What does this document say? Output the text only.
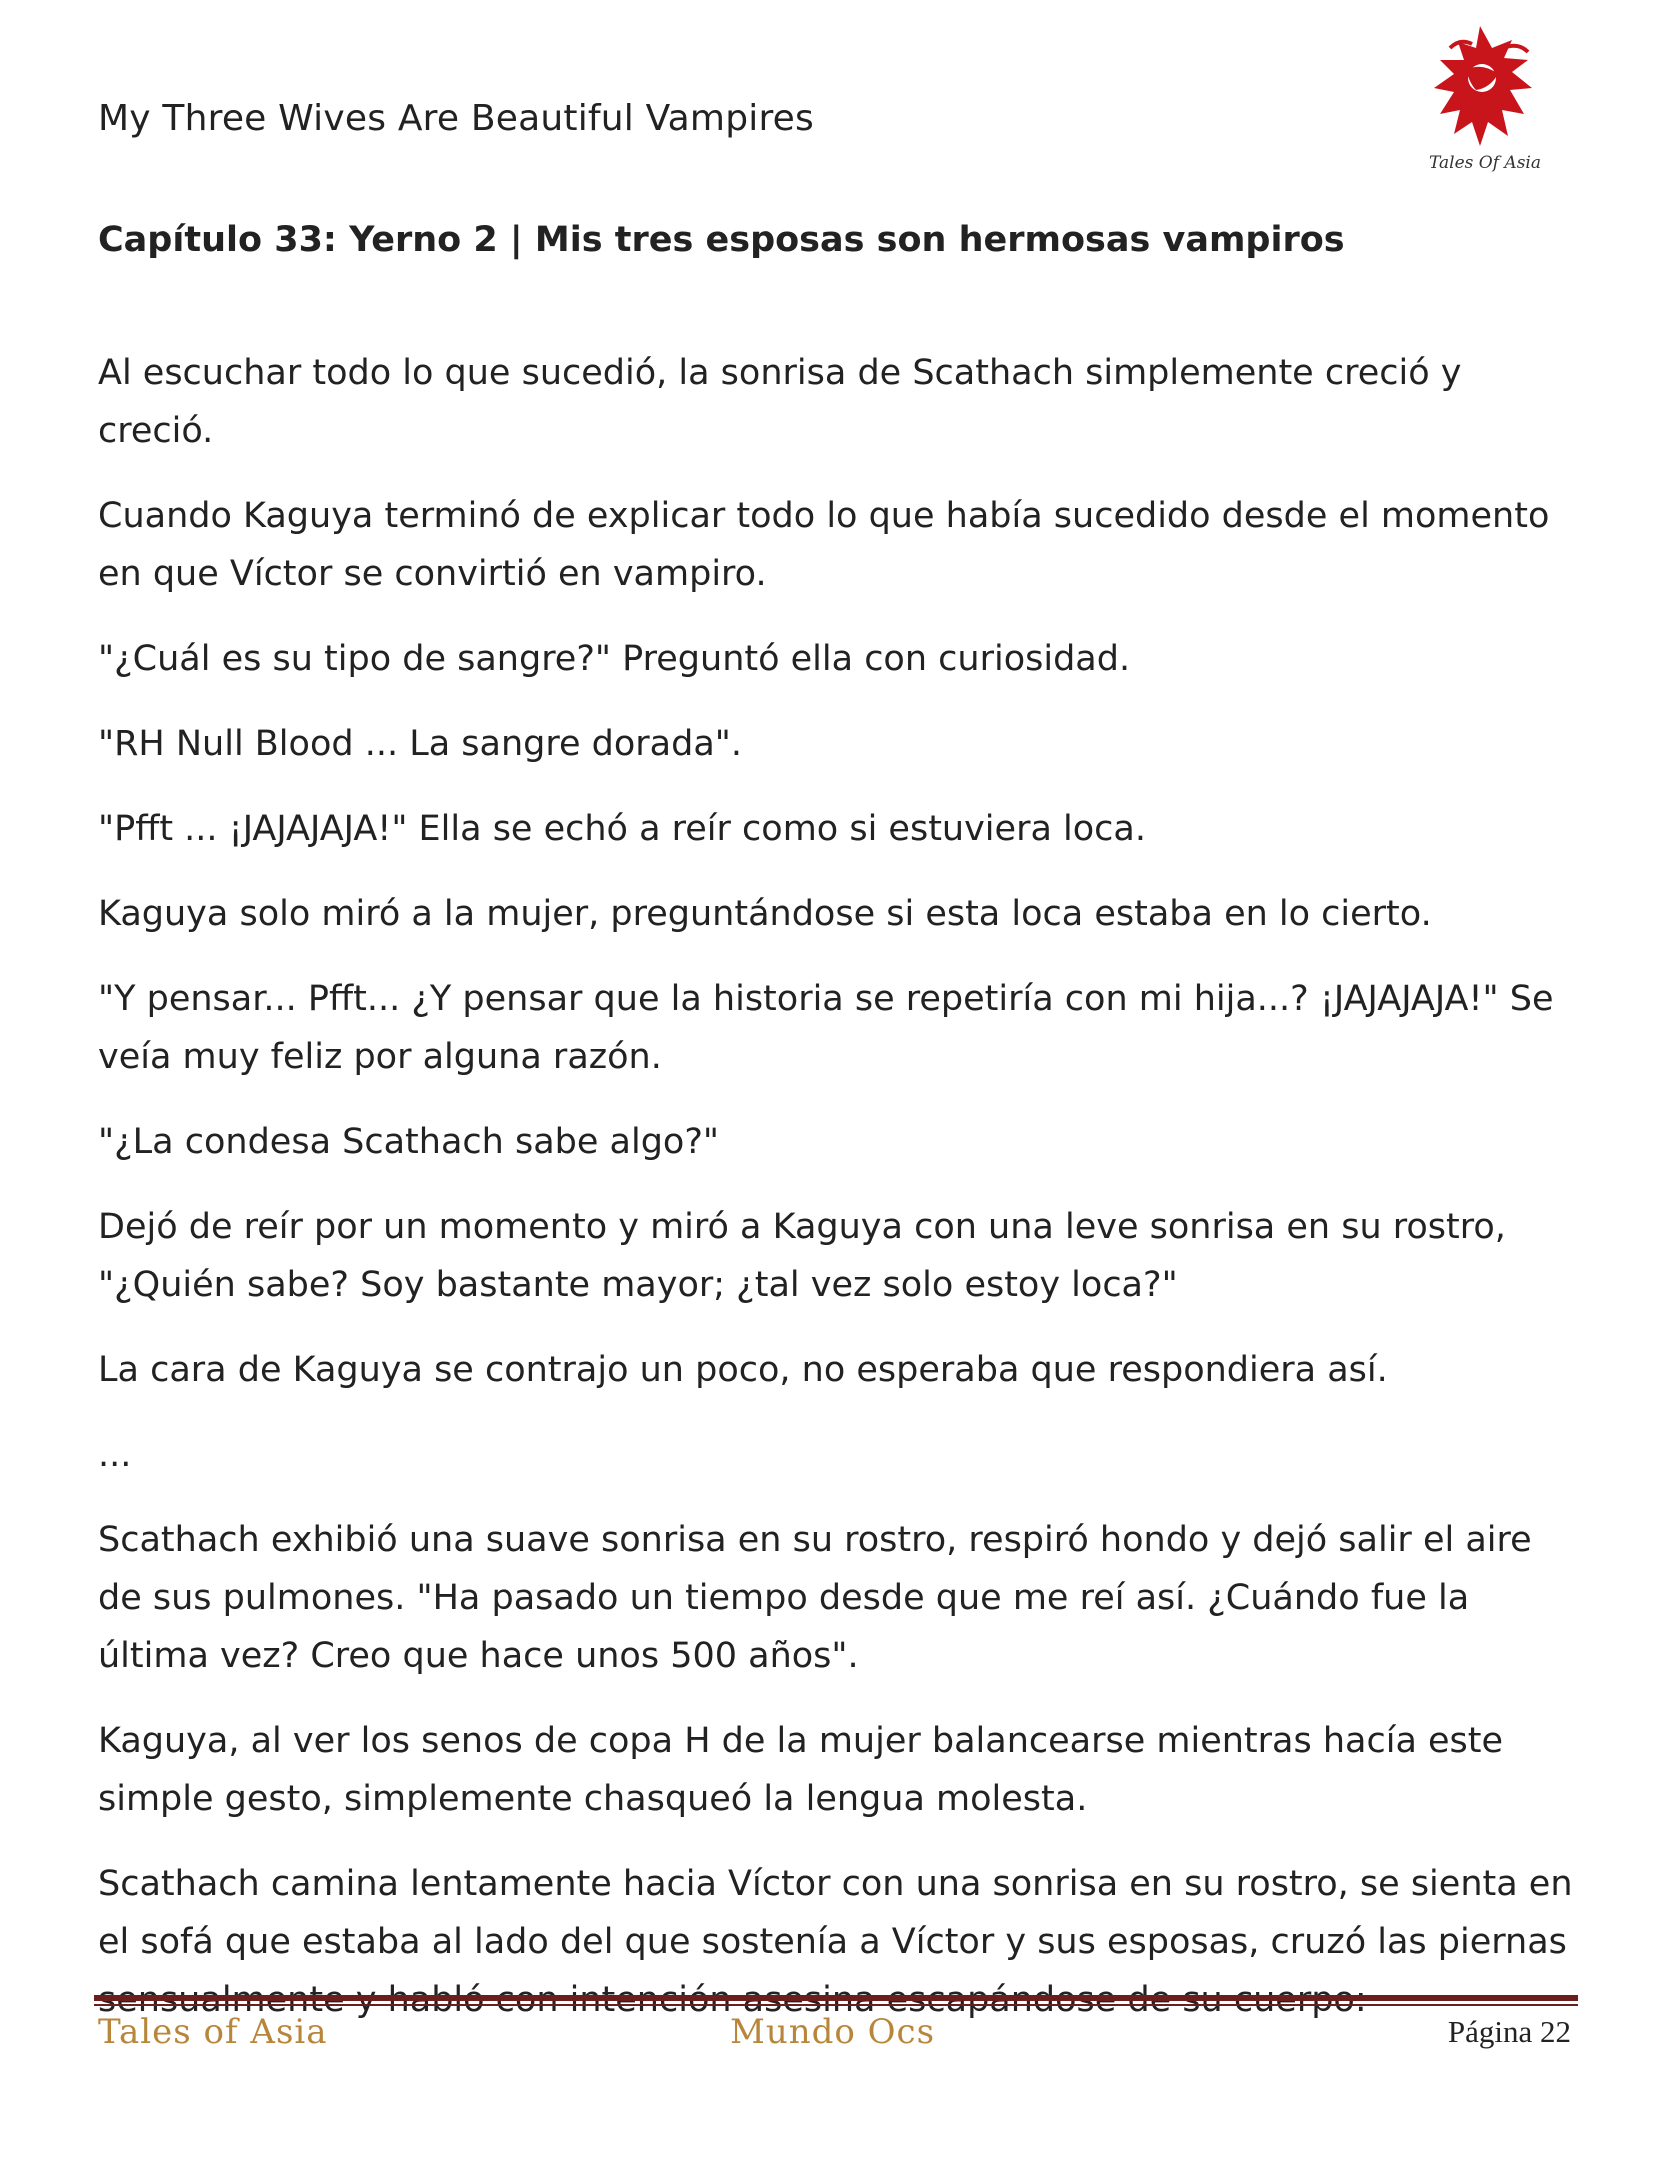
My Three Wives Are Beautiful Vampires
Tales Of Asia
Capítulo 33: Yerno 2 | Mis tres esposas son hermosas vampiros

Al escuchar todo lo que sucedió, la sonrisa de Scathach simplemente creció y creció.

Cuando Kaguya terminó de explicar todo lo que había sucedido desde el momento en que Víctor se convirtió en vampiro.

"¿Cuál es su tipo de sangre?" Preguntó ella con curiosidad.

"RH Null Blood ... La sangre dorada".

"Pfft ... ¡JAJAJAJA!" Ella se echó a reír como si estuviera loca.

Kaguya solo miró a la mujer, preguntándose si esta loca estaba en lo cierto.

"Y pensar... Pfft... ¿Y pensar que la historia se repetiría con mi hija...? ¡JAJAJAJA!" Se veía muy feliz por alguna razón.

"¿La condesa Scathach sabe algo?"

Dejó de reír por un momento y miró a Kaguya con una leve sonrisa en su rostro, "¿Quién sabe? Soy bastante mayor; ¿tal vez solo estoy loca?"

La cara de Kaguya se contrajo un poco, no esperaba que respondiera así.

...

Scathach exhibió una suave sonrisa en su rostro, respiró hondo y dejó salir el aire de sus pulmones. "Ha pasado un tiempo desde que me reí así. ¿Cuándo fue la última vez? Creo que hace unos 500 años".

Kaguya, al ver los senos de copa H de la mujer balancearse mientras hacía este simple gesto, simplemente chasqueó la lengua molesta.

Scathach camina lentamente hacia Víctor con una sonrisa en su rostro, se sienta en el sofá que estaba al lado del que sostenía a Víctor y sus esposas, cruzó las piernas

Tales of Asia	Mundo Ocs	Página 22
